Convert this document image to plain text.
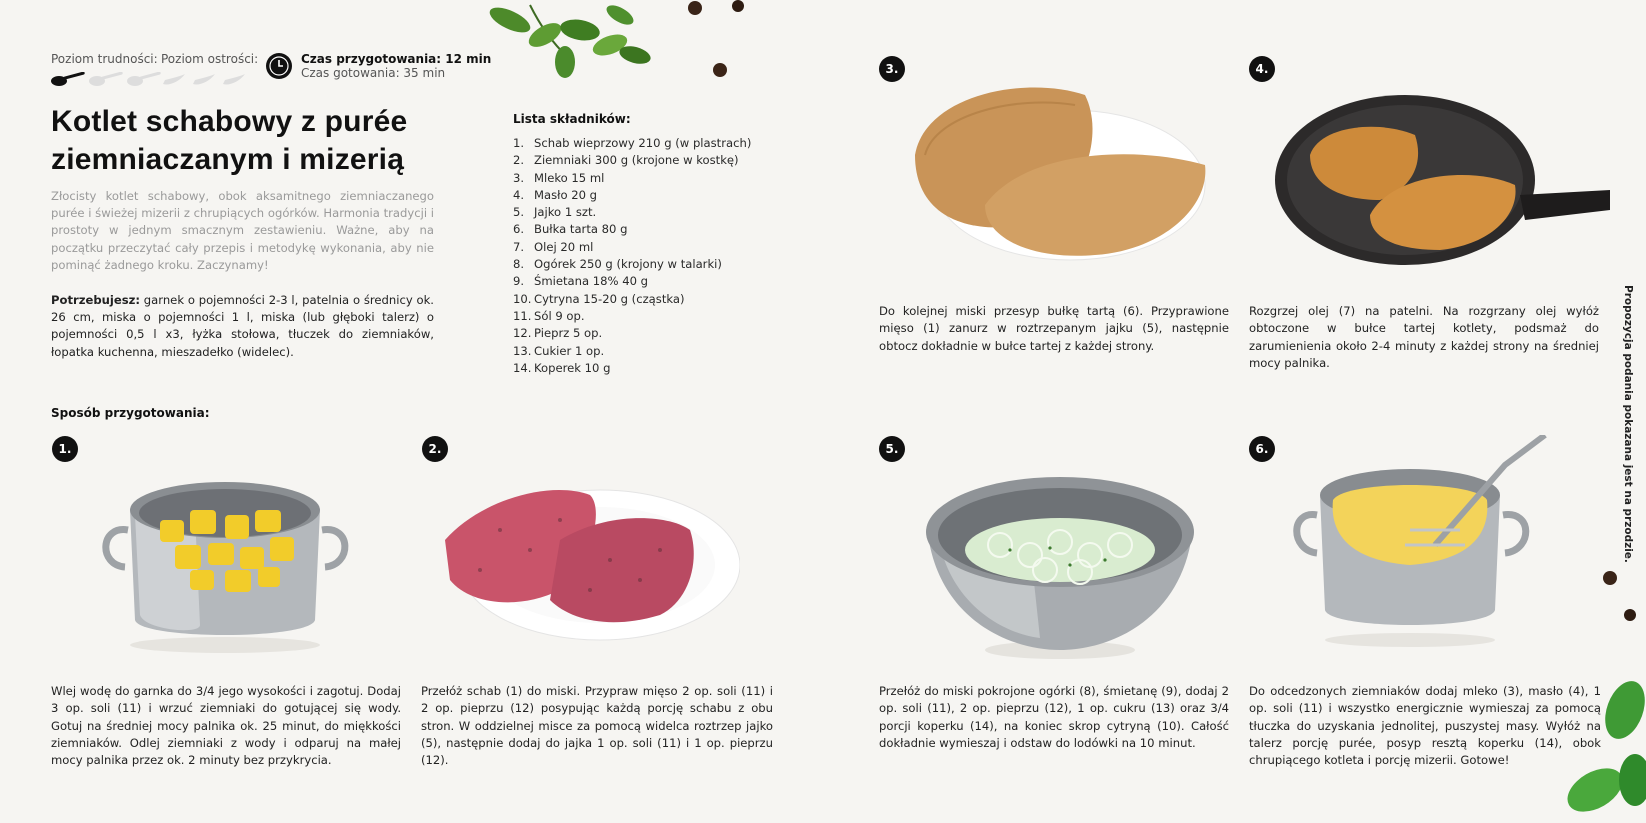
Poziom trudności: Poziom ostrości:	Czas przygotowania: 12 min
Czas gotowania: 35 min
Kotlet schabowy z purée
ziemniaczanym i mizerią
Złocisty kotlet schabowy, obok aksamitnego ziemniaczanego purée i świeżej mizerii z chrupiących ogórków. Harmonia tradycji i prostoty w jednym smacznym zestawieniu. Ważne, aby na początku przeczytać cały przepis i metodykę wykonania, aby nie pominąć żadnego kroku. Zaczynamy!
Potrzebujesz: garnek o pojemności 2-3 l, patelnia o średnicy ok. 26 cm, miska o pojemności 1 l, miska (lub głęboki talerz) o pojemności 0,5 l x3, łyżka stołowa, tłuczek do ziemniaków, łopatka kuchenna, mieszadełko (widelec).
Lista składników:
1. Schab wieprzowy 210 g (w plastrach)
2. Ziemniaki 300 g (krojone w kostkę)
3. Mleko 15 ml
4. Masło 20 g
5. Jajko 1 szt.
6. Bułka tarta 80 g
7. Olej 20 ml
8. Ogórek 250 g (krojony w talarki)
9. Śmietana 18% 40 g
10. Cytryna 15-20 g (cząstka)
11. Sól 9 op.
12. Pieprz 5 op.
13. Cukier 1 op.
14. Koperek 10 g
Sposób przygotowania:
1.	2.
3.	4.
5.	6.
Wlej wodę do garnka do 3/4 jego wysokości i zagotuj. Dodaj 3 op. soli (11) i wrzuć ziemniaki do gotującej się wody. Gotuj na średniej mocy palnika ok. 25 minut, do miękkości ziemniaków. Odlej ziemniaki z wody i odparuj na małej mocy palnika przez ok. 2 minuty bez przykrycia.
Przełóż schab (1) do miski. Przypraw mięso 2 op. soli (11) i 2 op. pieprzu (12) posypując każdą porcję schabu z obu stron. W oddzielnej misce za pomocą widelca roztrzep jajko (5), następnie dodaj do jajka 1 op. soli (11) i 1 op. pieprzu (12).
Do kolejnej miski przesyp bułkę tartą (6). Przyprawione mięso (1) zanurz w roztrzepanym jajku (5), następnie obtocz dokładnie w bułce tartej z każdej strony.
Rozgrzej olej (7) na patelni. Na rozgrzany olej wyłóż obtoczone w bułce tartej kotlety, podsmaż do zarumienienia około 2-4 minuty z każdej strony na średniej mocy palnika.
Przełóż do miski pokrojone ogórki (8), śmietanę (9), dodaj 2 op. soli (11), 2 op. pieprzu (12), 1 op. cukru (13) oraz 3/4 porcji koperku (14), na koniec skrop cytryną (10). Całość dokładnie wymieszaj i odstaw do lodówki na 10 minut.
Do odcedzonych ziemniaków dodaj mleko (3), masło (4), 1 op. soli (11) i wszystko energicznie wymieszaj za pomocą tłuczka do uzyskania jednolitej, puszystej masy. Wyłóż na talerz porcję purée, posyp resztą koperku (14), obok chrupiącego kotleta i porcję mizerii. Gotowe!
Propozycja podania pokazana jest na przodzie.
